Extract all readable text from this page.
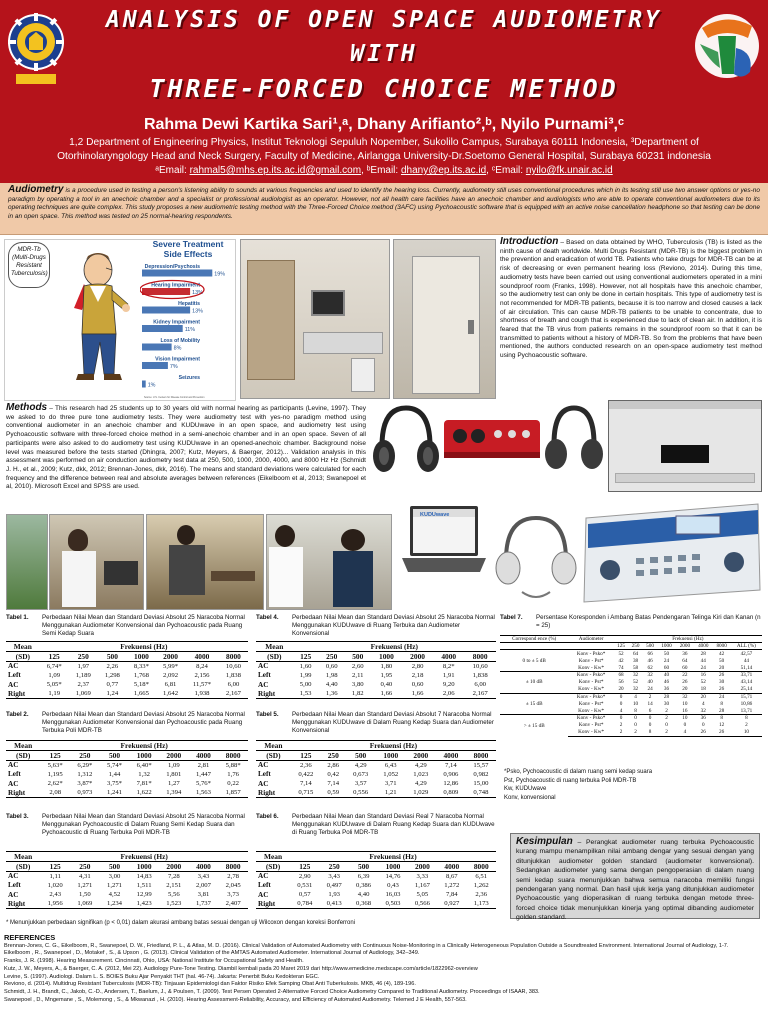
ANALYSIS OF OPEN SPACE AUDIOMETRY
WITH
THREE-FORCED CHOICE METHOD
Rahma Dewi Kartika Sari¹,ᵃ, Dhany Arifianto²,ᵇ, Nyilo Purnami³,ᶜ
1,2 Department of Engineering Physics, Institut Teknologi Sepuluh Nopember, Sukolilo Campus, Surabaya 60111 Indonesia, ³Department of
Otorhinolaryngology Head and Neck Surgery, Faculty of Medicine, Airlangga University-Dr.Soetomo General Hospital, Surabaya 60231 indonesia
ᵃEmail: rahmal5@mhs.ep.its.ac.id@gmail.com, ᵇEmail: dhany@ep.its.ac.id, ᶜEmail: nyilo@fk.unair.ac.id
Audiometry is a procedure used in testing a person's listening ability to sounds at various frequencies and used to identify the hearing loss. Currently, audiometry still uses conventional procedures which in its testing still use two answer options or yes-no paradigm by operating a tool in an anechoic chamber and a specialist or professional audiologist as an operator. However, not all health care facilities have an anechoic chamber and audiologists who are able to operate conventional audiometers due to its operating techniques are quite complex. This study proposes a new audiometric testing method with the Three-Forced Choice method (3AFC) using Pychoacoustic software that is equipped with an active noise cancellation headphone so that testing can be done in an open space. This method was tested on 25 normal-hearing respondents.
MDR-Tb (Multi-Drugs Resistant Tuberculosis)
Severe Treatment
Side Effects
Depression/Psychosis
19%
Hearing Impairment
13%
Hepatitis
13%
Kidney Impairment
11%
Loss of Mobility
8%
Vision Impairment
7%
Seizures
1%
Source: U.S. Centers for Disease Control and Prevention
Introduction – Based on data obtained by WHO, Tuberculosis (TB) is listed as the ninth cause of death worldwide. Multi Drugs Resistant (MDR-TB) is the biggest problem in the prevention and eradication of world TB. Patients who take drugs for MDR-TB can be at risk of decreasing or even permanent hearing loss (Reviono, 2014). During this time, audiometry tests have been carried out using conventional audiometers operated in a mini soundproof room (Franks, 1998). However, not all hospitals have this anechoic chamber, so the audiometry test can only be done in certain hospitals. This type of audiometry test is not recommended for MDR-TB patients, because it is too narrow and closed causes a lack of air circulation. This can cause MDR-TB patients to be unable to concentrate, due to shortness of breath and cough that is experienced due to lack of clean air. In addition, it is feared that the TB virus from patients remains in the soundproof room so that it can be transmitted to patients without a history of MDR-TB. So from the problems that have been mentioned, the authors conducted research on an open-space audiometry test method using Pychoacoustic software.
Methods – This research had 25 students up to 30 years old with normal hearing as participants (Levine, 1997). They we asked to do three pure tone audiometry tests. They were audiometry test with yes-no paradigm method using conventional audiometer in an anechoic chamber and KUDUwave in an open space, and audiometry test using Pychoacoustic software with three-forced choice method in a semi-anechoic chamber and in an open space. Seven of all participants were also asked to do audiometry test using KUDUwave in an opened-anechoic chamber. Background noise level was measured before the tests started (Dhingra, 2007; Kutz, Meyers, & Baerger, 2012)... Validation analysis in this assessment was performed on air conduction audiometry test data at 250, 500, 1000, 2000, 4000, and 8000 Hz Hz (Schmidt J. H., et al., 2009; Kutz, dkk, 2012; Brennan-Jones, dkk, 2016). The means and standard deviations were calculated for each frequency and the difference between real and absolute averages between references (Eikelboom et al, 2013; Swanepoel et al, 2010). Microsoft Excel and SPSS are used.
KUDUwave
Tabel 1. Perbedaan Nilai Mean dan Standard Deviasi Absolut 25 Naracoba Normal Menggunakan Audiometer Konvensional dan Pychoacoustic pada Ruang Semi Kedap Suara
Tabel 2. Perbedaan Nilai Mean dan Standard Deviasi Absolut 25 Naracoba Normal Menggunakan Audiometer Konvensional dan Pychoacoustic pada Ruang Terbuka Poli MDR-TB
Tabel 3. Perbedaan Nilai Mean dan Standard Deviasi Absolut 25 Naracoba Normal Menggunakan Pychoacoustic di Dalam Ruang Semi Kedap Suara dan Pychoacoustic di Ruang Terbuka Poli MDR-TB
Tabel 4. Perbedaan Nilai Mean dan Standard Deviasi Absolut 25 Naracoba Normal Menggunakan KUDUwave di Ruang Terbuka dan Audiometer Konvensional
Tabel 5. Perbedaan Nilai Mean dan Standard Deviasi Absolut 7 Naracoba Normal Menggunakan KUDUwave di Dalam Ruang Kedap Suara dan Audiometer Konvensional
Tabel 6. Perbedaan Nilai Mean dan Standard Deviasi Real 7 Naracoba Normal Menggunakan KUDUwave di Dalam Ruang Kedap Suara dan KUDUwave di Ruang Terbuka Poli MDR-TB
Mean	Frekuensi (Hz)						
(SD)	125	250	500	1000	2000	4000	8000
AC	6,74*	1,97	2,26	8,33*	5,99*	8,24	10,60
Left	1,09	1,189	1,298	1,768	2,092	2,156	1,838
AC	5,05*	2,37	0,77	5,18*	6,81	11,57*	6,00
Right	1,19	1,069	1,24	1,665	1,642	1,938	2,167
Mean	Frekuensi (Hz)						
(SD)	125	250	500	1000	2000	4000	8000
AC	5,63*	6,29*	5,74*	6,40*	1,09	2,81	5,88*
Left	1,195	1,312	1,44	1,32	1,801	1,447	1,76
AC	2,62*	3,87*	3,75*	7,81*	1,27	5,76*	0,22
Right	2,08	0,973	1,241	1,622	1,394	1,563	1,857
Mean	Frekuensi (Hz)						
(SD)	125	250	500	1000	2000	4000	8000
AC	1,11	4,31	3,00	14,83	7,28	3,43	2,78
Left	1,020	1,271	1,271	1,511	2,151	2,007	2,045
AC	2,43	1,50	4,52	12,99	5,56	3,81	3,73
Right	1,956	1,069	1,234	1,423	1,523	1,737	2,407
Mean	Frekuensi (Hz)						
(SD)	125	250	500	1000	2000	4000	8000
AC	1,60	0,60	2,60	1,80	2,80	8,2*	10,60
Left	1,99	1,98	2,11	1,95	2,18	1,91	1,838
AC	5,00	4,40	3,80	0,40	0,60	9,20	6,00
Right	1,53	1,36	1,82	1,66	1,66	2,06	2,167
Mean	Frekuensi (Hz)						
(SD)	125	250	500	1000	2000	4000	8000
AC	2,36	2,86	4,29	6,43	4,29	7,14	15,57
Left	0,422	0,42	0,673	1,052	1,023	0,906	0,982
AC	7,14	7,14	3,57	3,71	4,29	12,86	15,00
Right	0,715	0,59	0,556	1,21	1,029	0,809	0,748
Mean	Frekuensi (Hz)						
(SD)	125	250	500	1000	2000	4000	8000
AC	2,90	3,43	6,39	14,76	3,33	8,67	6,51
Left	0,531	0,497	0,386	0,43	1,167	1,272	1,262
AC	0,57	1,93	4,40	16,03	5,05	7,84	2,36
Right	0,784	0,413	0,368	0,503	0,566	0,927	1,173
* Menunjukkan perbedaan signifikan (p < 0,01) dalam akurasi ambang batas sesuai dengan uji Wilcoxon dengan koreksi Bonferroni
Tabel 7. Persentase Koresponden i Ambang Batas Pendengaran Telinga Kiri dan Kanan (n = 25)
Correspond ence (%)	Audiometer	Frekuensi (Hz)							
		125	250	500	1000	2000	4000	8000	ALL (%)
0 to ± 5 dB	Konv - Psko*	52	64	66	50	36	28	42	42,57
	Konv - Pst*	42	38	46	24	64	44	50	44
	Konv - Kw*	74	58	62	60	60	24	20	51,14
± 10 dB	Konv - Psko*	68	32	32	40	22	16	26	33,71
	Konv - Pst*	56	52	40	46	26	52	30	43,14
	Konv - Kw*	20	32	24	36	20	18	26	25,14
± 15 dB	Konv - Psko*	0	4	2	28	32	20	24	15,71
	Konv - Pst*	0	10	14	30	10	4	8	10,86
	Konv - Kw*	4	8	6	2	16	32	28	13,71
> ± 15 dB	Konv - Psko*	0	0	0	2	10	36	8	8
	Konv - Pst*	2	0	0	0	0	0	12	2
	Konv - Kw*	2	2	8	2	4	26	26	10
*Psko, Pychoacoustic di dalam ruang semi kedap suara
Pst, Pychoacoustic di ruang terbuka Poli MDR-TB
Kw, KUDUwave
Konv, konvensional
Kesimpulan – Perangkat audiometer ruang terbuka Pychoacoustic kurang mampu menampilkan nilai ambang dengar yang sesuai dengan yang ditunjukkan audiometer golden standard (audiometer konvensional). Sedangkan audiometer yang sama dengan pengoperasian di dalam ruang semi kedap suara menunjukkan bahwa semua naracoba memiliki fungsi pendengaran yang normal. Dan hasil ujuk kerja yang ditunjukkan audiometer Pychoacoustic yang dioperasikan di ruang terbuka dengan metode three-forced choice tidak menunjukkan kinerja yang optimal dibanding audiometer golden standard.
REFERENCES
Brennan-Jones, C. G., Eikelboom, R., Swanepoel, D. W., Friedland, P. L., & Atlas, M. D. (2016). Clinical Validation of Automated Audiometry with Continuous Noise-Monitoring in a Clinically Heterogeneous Population Outside a Soundtreated Environment. International Journal of Audiology, 1-7.
Eikelboom , R., Swanepoel , D., Motakef , S., & Upson , G. (2013). Clinical Validation of the AMTAS Automated Audiometer. International Journal of Audiology, 342–349.
Franks, J. R. (1998). Hearing Measurement. Cincinnati, Ohio, USA: National Institute for Occupational Safety and Health.
Kutz, J. W., Meyers, A., & Baerger, C. A. (2012, Mei 22). Audiology Pure-Tone Testing. Diambil kembali pada 20 Maret 2019 dari http://www.emedicine.medscape.com/article/1822962-overview
Levine, S. (1997). Audiologi. Dalam L. S. BOIES Buku Ajar Penyakit THT (hal. 46-74). Jakarta: Penerbit Buku Kedokteran EGC.
Reviono, d. (2014). Multidrug Resistant Tuberculosis (MDR-TB): Tinjauan Epidemiologi dan Faktor Risiko Efek Samping Obat Anti Tuberkulosis. MKB, 46 (4), 189-196.
Schmidt, J. H., Brandt, C., Jakob, C.-D., Andersen, T., Baelum, J., & Poulsen, T. (2009). Test Persen Operated 2-Alternative Forced Choice Audiometry Compared to Traditional Audiometry. Proceedings of ISAAR, 383.
Swanepoel , D., Mngemane , S., Molemong , S., & Mkwanazi , H. (2010). Hearing Assessment-Reliability, Accuracy, and Efficiency of Automated Audiometry. Telemed J E Health, 557-563.
